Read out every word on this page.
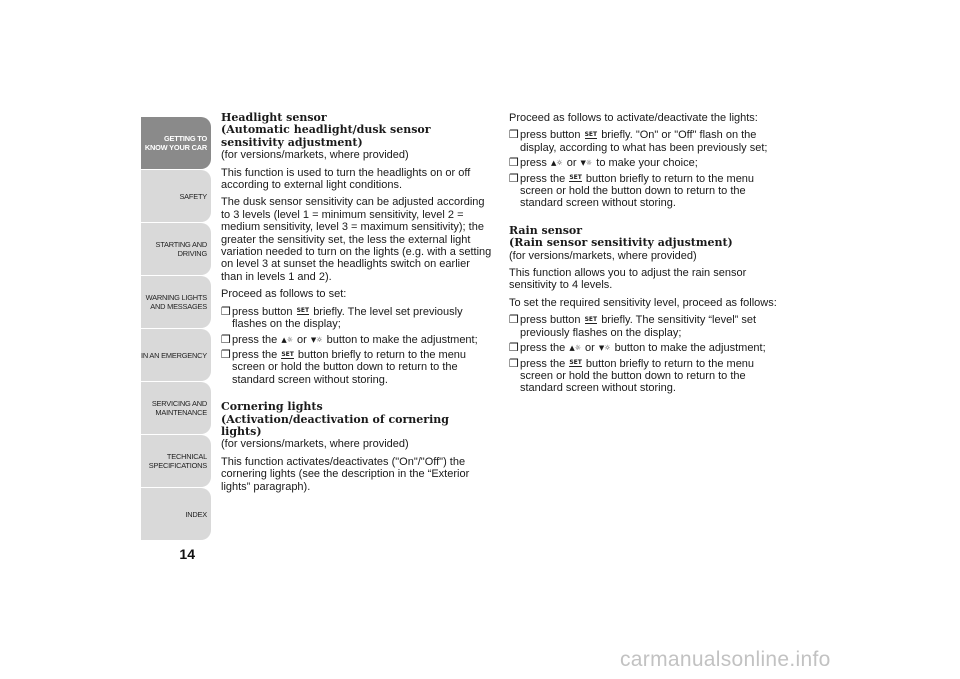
GETTING TO
KNOW YOUR CAR
SAFETY
STARTING AND
DRIVING
WARNING LIGHTS
AND MESSAGES
IN AN EMERGENCY
SERVICING AND
MAINTENANCE
TECHNICAL
SPECIFICATIONS
INDEX
14
Headlight sensor
(Automatic headlight/dusk sensor sensitivity adjustment)

(for versions/markets, where provided)

This function is used to turn the headlights on or off according to external light conditions.

The dusk sensor sensitivity can be adjusted according to 3 levels (level 1 = minimum sensitivity, level 2 = medium sensitivity, level 3 = maximum sensitivity); the greater the sensitivity set, the less the external light variation needed to turn on the lights (e.g. with a setting on level 3 at sunset the headlights switch on earlier than in levels 1 and 2).

Proceed as follows to set:

❒ press button SET briefly. The level set previously flashes on the display;
❒ press the ▲☼ or ▼☼ button to make the adjustment;
❒ press the SET button briefly to return to the menu screen or hold the button down to return to the standard screen without storing.
Cornering lights
(Activation/deactivation of cornering lights)

(for versions/markets, where provided)

This function activates/deactivates ("On"/"Off") the cornering lights (see the description in the “Exterior lights” paragraph).

Proceed as follows to activate/deactivate the lights:

❒ press button SET briefly. "On" or "Off" flash on the display, according to what has been previously set;
❒ press ▲☼ or ▼☼ to make your choice;
❒ press the SET button briefly to return to the menu screen or hold the button down to return to the standard screen without storing.
Rain sensor
(Rain sensor sensitivity adjustment)

(for versions/markets, where provided)

This function allows you to adjust the rain sensor sensitivity to 4 levels.

To set the required sensitivity level, proceed as follows:

❒ press button SET briefly. The sensitivity “level” set previously flashes on the display;
❒ press the ▲☼ or ▼☼ button to make the adjustment;
❒ press the SET button briefly to return to the menu screen or hold the button down to return to the standard screen without storing.
carmanualsonline.info
